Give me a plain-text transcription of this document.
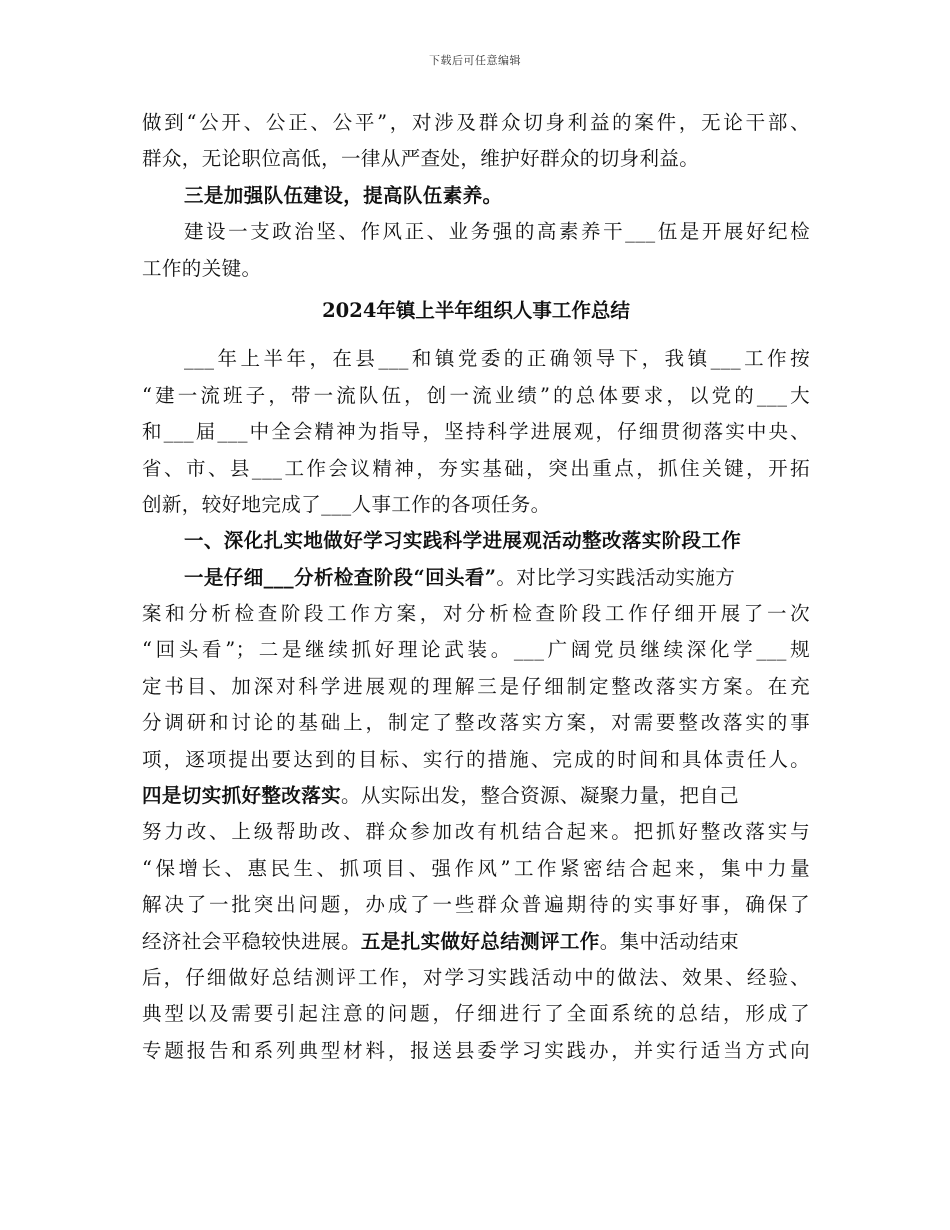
下载后可任意编辑
做到“公开、公正、公平”，对涉及群众切身利益的案件，无论干部、
群众，无论职位高低，一律从严查处，维护好群众的切身利益。
三是加强队伍建设，提高队伍素养。
建设一支政治坚、作风正、业务强的高素养干___伍是开展好纪检
工作的关键。
2024年镇上半年组织人事工作总结
___年上半年，在县___和镇党委的正确领导下，我镇___工作按
“建一流班子，带一流队伍，创一流业绩”的总体要求，以党的___大
和___届___中全会精神为指导，坚持科学进展观，仔细贯彻落实中央、
省、市、县___工作会议精神，夯实基础，突出重点，抓住关键，开拓
创新，较好地完成了___人事工作的各项任务。
一、深化扎实地做好学习实践科学进展观活动整改落实阶段工作
一是仔细___分析检查阶段“回头看”。对比学习实践活动实施方
案和分析检查阶段工作方案，对分析检查阶段工作仔细开展了一次
“回头看”；二是继续抓好理论武装。___广阔党员继续深化学___规
定书目、加深对科学进展观的理解三是仔细制定整改落实方案。在充
分调研和讨论的基础上，制定了整改落实方案，对需要整改落实的事
项，逐项提出要达到的目标、实行的措施、完成的时间和具体责任人。
四是切实抓好整改落实。从实际出发，整合资源、凝聚力量，把自己
努力改、上级帮助改、群众参加改有机结合起来。把抓好整改落实与
“保增长、惠民生、抓项目、强作风”工作紧密结合起来，集中力量
解决了一批突出问题，办成了一些群众普遍期待的实事好事，确保了
经济社会平稳较快进展。五是扎实做好总结测评工作。集中活动结束
后，仔细做好总结测评工作，对学习实践活动中的做法、效果、经验、
典型以及需要引起注意的问题，仔细进行了全面系统的总结，形成了
专题报告和系列典型材料，报送县委学习实践办，并实行适当方式向
